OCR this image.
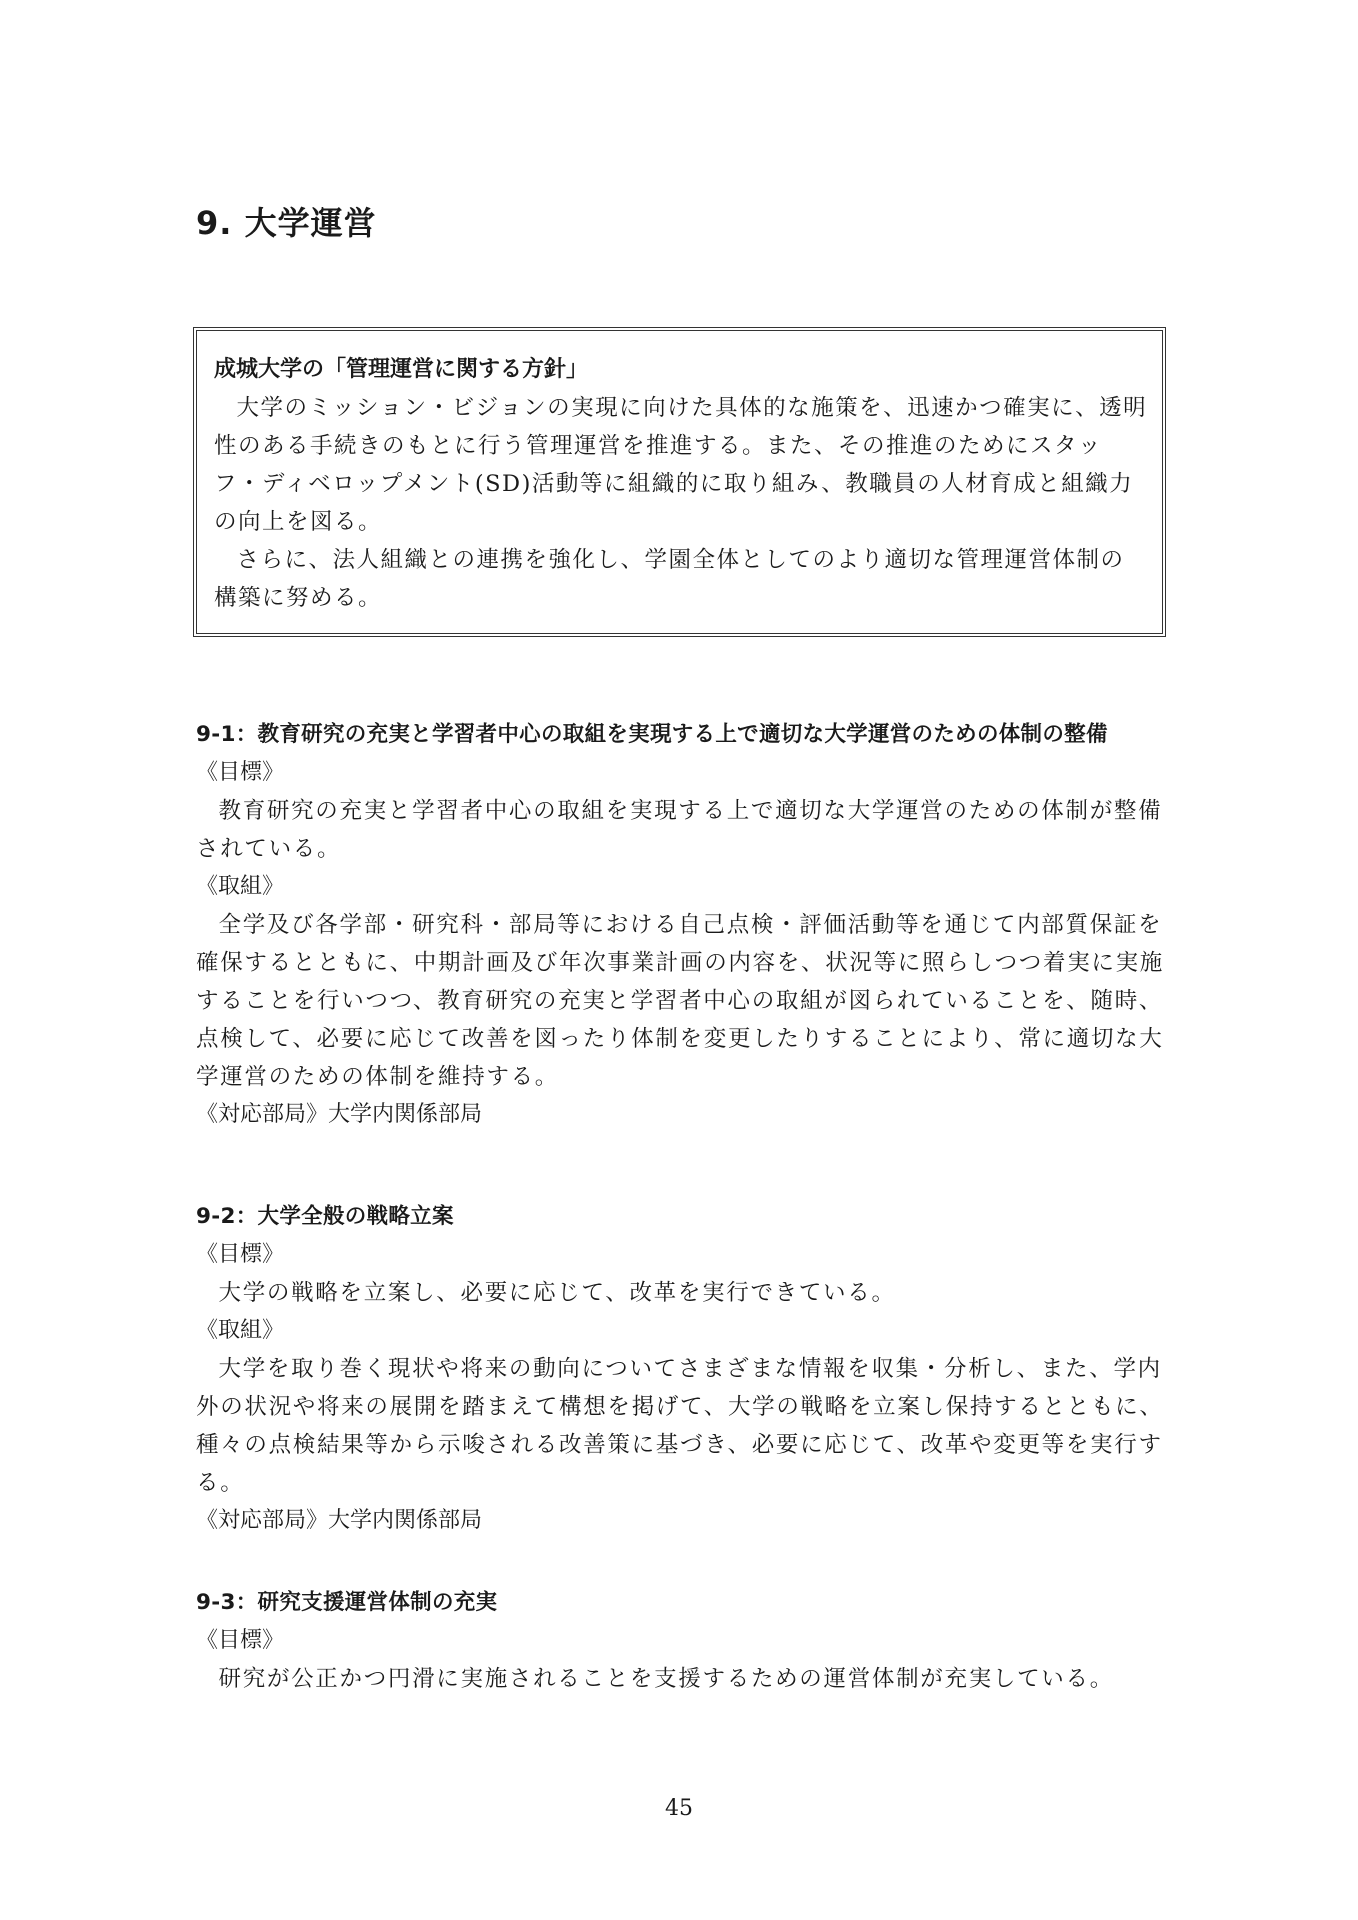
9. 大学運営
成城大学の「管理運営に関する方針」

大学のミッション・ビジョンの実現に向けた具体的な施策を、迅速かつ確実に、透明性のある手続きのもとに行う管理運営を推進する。また、その推進のためにスタッフ・ディベロップメント(SD)活動等に組織的に取り組み、教職員の人材育成と組織力の向上を図る。

さらに、法人組織との連携を強化し、学園全体としてのより適切な管理運営体制の構築に努める。

9-1：教育研究の充実と学習者中心の取組を実現する上で適切な大学運営のための体制の整備

《目標》

教育研究の充実と学習者中心の取組を実現する上で適切な大学運営のための体制が整備されている。

《取組》

全学及び各学部・研究科・部局等における自己点検・評価活動等を通じて内部質保証を確保するとともに、中期計画及び年次事業計画の内容を、状況等に照らしつつ着実に実施することを行いつつ、教育研究の充実と学習者中心の取組が図られていることを、随時、点検して、必要に応じて改善を図ったり体制を変更したりすることにより、常に適切な大学運営のための体制を維持する。

《対応部局》大学内関係部局

9-2：大学全般の戦略立案

《目標》

大学の戦略を立案し、必要に応じて、改革を実行できている。

《取組》

大学を取り巻く現状や将来の動向についてさまざまな情報を収集・分析し、また、学内外の状況や将来の展開を踏まえて構想を掲げて、大学の戦略を立案し保持するとともに、種々の点検結果等から示唆される改善策に基づき、必要に応じて、改革や変更等を実行する。

《対応部局》大学内関係部局

9-3：研究支援運営体制の充実

《目標》

研究が公正かつ円滑に実施されることを支援するための運営体制が充実している。

45
